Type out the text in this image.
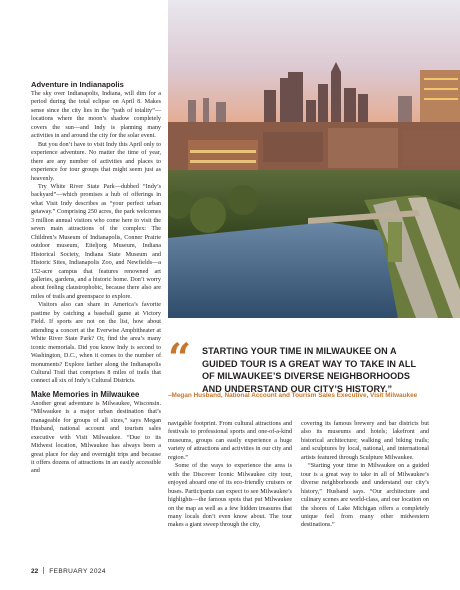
Adventure in Indianapolis

The sky over Indianapolis, Indiana, will dim for a period during the total eclipse on April 8. Makes sense since the city lies in the “path of totality”—locations where the moon’s shadow completely covers the sun—and Indy is planning many activities in and around the city for the solar event.

But you don’t have to visit Indy this April only to experience adventure. No matter the time of year, there are any number of activities and places to experience for tour groups that might seem just as heavenly.

Try White River State Park—dubbed “Indy’s backyard”—which promises a hub of offerings in what Visit Indy describes as “your perfect urban getaway.” Comprising 250 acres, the park welcomes 3 million annual visitors who come here to visit the seven main attractions of the complex: The Children’s Museum of Indianapolis, Conner Prairie outdoor museum, Eiteljorg Museum, Indiana Historical Society, Indiana State Museum and Historic Sites, Indianapolis Zoo, and Newfields—a 152-acre campus that features renowned art galleries, gardens, and a historic home. Don’t worry about feeling claustrophobic, because there also are miles of trails and greenspace to explore.

Visitors also can share in America’s favorite pastime by catching a baseball game at Victory Field. If sports are not on the list, how about attending a concert at the Everwise Amphitheater at White River State Park? Or, find the area’s many iconic memorials. Did you know Indy is second to Washington, D.C., when it comes to the number of monuments? Explore farther along the Indianapolis Cultural Trail that comprises 8 miles of trails that connect all six of Indy’s Cultural Districts.

Make Memories in Milwaukee

Another great adventure is Milwaukee, Wisconsin. “Milwaukee is a major urban destination that’s manageable for groups of all sizes,” says Megan Husband, national account and tourism sales executive with Visit Milwaukee. “Due to its Midwest location, Milwaukee has always been a great place for day and overnight trips and because it offers dozens of attractions in an easily accessible and

“ STARTING YOUR TIME IN MILWAUKEE ON A GUIDED TOUR IS A GREAT WAY TO TAKE IN ALL OF MILWAUKEE’S DIVERSE NEIGHBORHOODS AND UNDERSTAND OUR CITY’S HISTORY.”
–Megan Husband, National Account and Tourism Sales Executive, Visit Milwaukee

navigable footprint. From cultural attractions and festivals to professional sports and one-of-a-kind museums, groups can easily experience a huge variety of attractions and activities in our city and region.”

Some of the ways to experience the area is with the Discover Iconic Milwaukee city tour, enjoyed aboard one of its eco-friendly cruisers or buses. Participants can expect to see Milwaukee’s highlights—the famous spots that put Milwaukee on the map as well as a few hidden treasures that many locals don’t even know about. The tour makes a giant sweep through the city,

covering its famous brewery and bar districts but also its museums and hotels; lakefront and historical architecture; walking and biking trails; and sculptures by local, national, and international artists featured through Sculpture Milwaukee.

“Starting your time in Milwaukee on a guided tour is a great way to take in all of Milwaukee’s diverse neighborhoods and understand our city’s history,” Husband says. “Our architecture and culinary scenes are world-class, and our location on the shores of Lake Michigan offers a completely unique feel from many other midwestern destinations.”

22 FEBRUARY 2024
